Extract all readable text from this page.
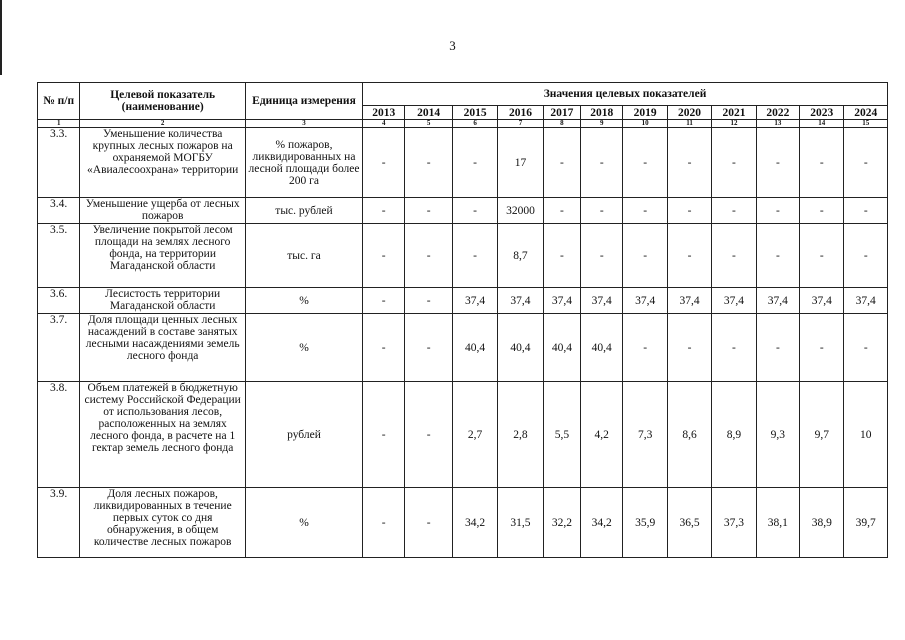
3
№ п/п	Целевой показатель (наименование)	Единица измерения	Значения целевых показателей											
			2013	2014	2015	2016	2017	2018	2019	2020	2021	2022	2023	2024
1	2	3	4	5	6	7	8	9	10	11	12	13	14	15
3.3.	Уменьшение количества крупных лесных пожаров на охраняемой МОГБУ «Авиалесоохрана» территории	% пожаров, ликвидированных на лесной площади более 200 га	-	-	-	17	-	-	-	-	-	-	-	-
3.4.	Уменьшение ущерба от лесных пожаров	тыс. рублей	-	-	-	32000	-	-	-	-	-	-	-	-
3.5.	Увеличение покрытой лесом площади на землях лесного фонда, на территории Магаданской области	тыс. га	-	-	-	8,7	-	-	-	-	-	-	-	-
3.6.	Лесистость территории Магаданской области	%	-	-	37,4	37,4	37,4	37,4	37,4	37,4	37,4	37,4	37,4	37,4
3.7.	Доля площади ценных лесных насаждений в составе занятых лесными насаждениями земель лесного фонда	%	-	-	40,4	40,4	40,4	40,4	-	-	-	-	-	-
3.8.	Объем платежей в бюджетную систему Российской Федерации от использования лесов, расположенных на землях лесного фонда, в расчете на 1 гектар земель лесного фонда	рублей	-	-	2,7	2,8	5,5	4,2	7,3	8,6	8,9	9,3	9,7	10
3.9.	Доля лесных пожаров, ликвидированных в течение первых суток со дня обнаружения, в общем количестве лесных пожаров	%	-	-	34,2	31,5	32,2	34,2	35,9	36,5	37,3	38,1	38,9	39,7
